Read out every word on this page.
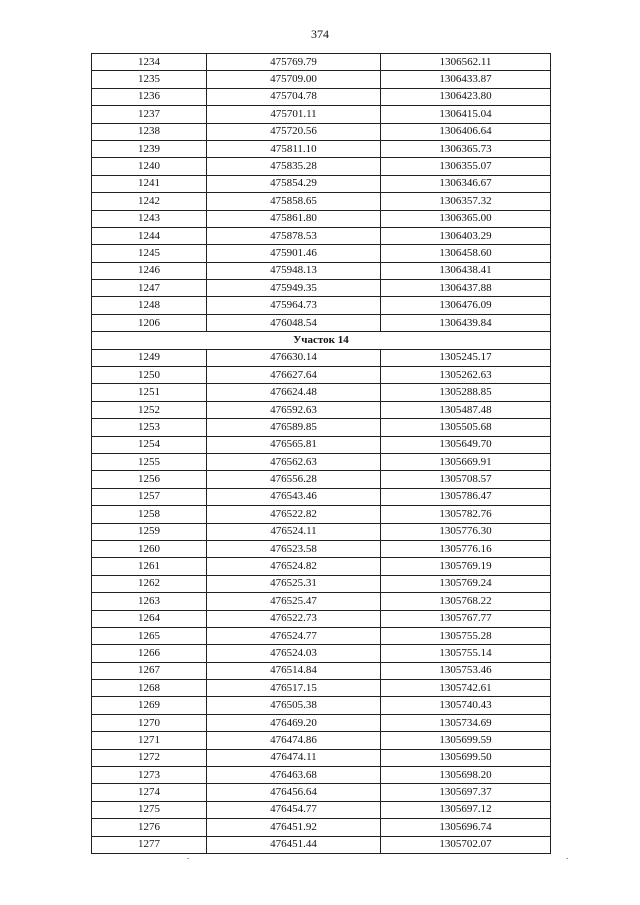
374
1234	475769.79	1306562.11
1235	475709.00	1306433.87
1236	475704.78	1306423.80
1237	475701.11	1306415.04
1238	475720.56	1306406.64
1239	475811.10	1306365.73
1240	475835.28	1306355.07
1241	475854.29	1306346.67
1242	475858.65	1306357.32
1243	475861.80	1306365.00
1244	475878.53	1306403.29
1245	475901.46	1306458.60
1246	475948.13	1306438.41
1247	475949.35	1306437.88
1248	475964.73	1306476.09
1206	476048.54	1306439.84
Участок 14		
1249	476630.14	1305245.17
1250	476627.64	1305262.63
1251	476624.48	1305288.85
1252	476592.63	1305487.48
1253	476589.85	1305505.68
1254	476565.81	1305649.70
1255	476562.63	1305669.91
1256	476556.28	1305708.57
1257	476543.46	1305786.47
1258	476522.82	1305782.76
1259	476524.11	1305776.30
1260	476523.58	1305776.16
1261	476524.82	1305769.19
1262	476525.31	1305769.24
1263	476525.47	1305768.22
1264	476522.73	1305767.77
1265	476524.77	1305755.28
1266	476524.03	1305755.14
1267	476514.84	1305753.46
1268	476517.15	1305742.61
1269	476505.38	1305740.43
1270	476469.20	1305734.69
1271	476474.86	1305699.59
1272	476474.11	1305699.50
1273	476463.68	1305698.20
1274	476456.64	1305697.37
1275	476454.77	1305697.12
1276	476451.92	1305696.74
1277	476451.44	1305702.07
.	.
